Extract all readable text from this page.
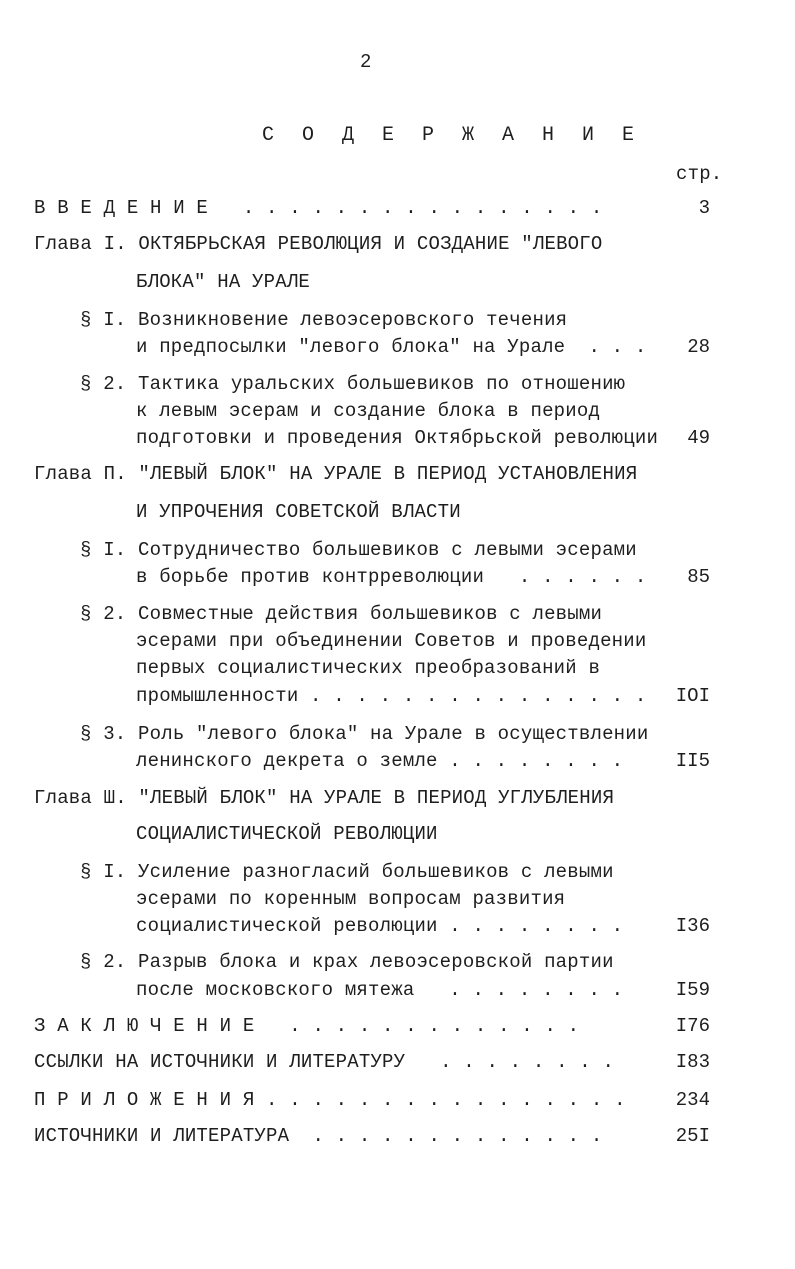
2
С О Д Е Р Ж А Н И Е
стр.
В В Е Д Е Н И Е   . . . . . . . . . . . . . . . .	3
Глава I. ОКТЯБРЬСКАЯ РЕВОЛЮЦИЯ И СОЗДАНИЕ "ЛЕВОГО
БЛОКА" НА УРАЛЕ
§ I. Возникновение левоэсеровского течения
и предпосылки "левого блока" на Урале  . . .	28
§ 2. Тактика уральских большевиков по отношению
к левым эсерам и создание блока в период
подготовки и проведения Октябрьской революции	49
Глава П. "ЛЕВЫЙ БЛОК" НА УРАЛЕ В ПЕРИОД УСТАНОВЛЕНИЯ
И УПРОЧЕНИЯ СОВЕТСКОЙ ВЛАСТИ
§ I. Сотрудничество большевиков с левыми эсерами
в борьбе против контрреволюции   . . . . . .	85
§ 2. Совместные действия большевиков с левыми
эсерами при объединении Советов и проведении
первых социалистических преобразований в
промышленности . . . . . . . . . . . . . . .	IOI
§ 3. Роль "левого блока" на Урале в осуществлении
ленинского декрета о земле . . . . . . . .	II5
Глава Ш. "ЛЕВЫЙ БЛОК" НА УРАЛЕ В ПЕРИОД УГЛУБЛЕНИЯ
СОЦИАЛИСТИЧЕСКОЙ РЕВОЛЮЦИИ
§ I. Усиление разногласий большевиков с левыми
эсерами по коренным вопросам развития
социалистической революции . . . . . . . .	I36
§ 2. Разрыв блока и крах левоэсеровской партии
после московского мятежа   . . . . . . . .	I59
З А К Л Ю Ч Е Н И Е   . . . . . . . . . . . . .	I76
ССЫЛКИ НА ИСТОЧНИКИ И ЛИТЕРАТУРУ   . . . . . . . .	I83
П Р И Л О Ж Е Н И Я . . . . . . . . . . . . . . . .	234
ИСТОЧНИКИ И ЛИТЕРАТУРА  . . . . . . . . . . . . .	25I
